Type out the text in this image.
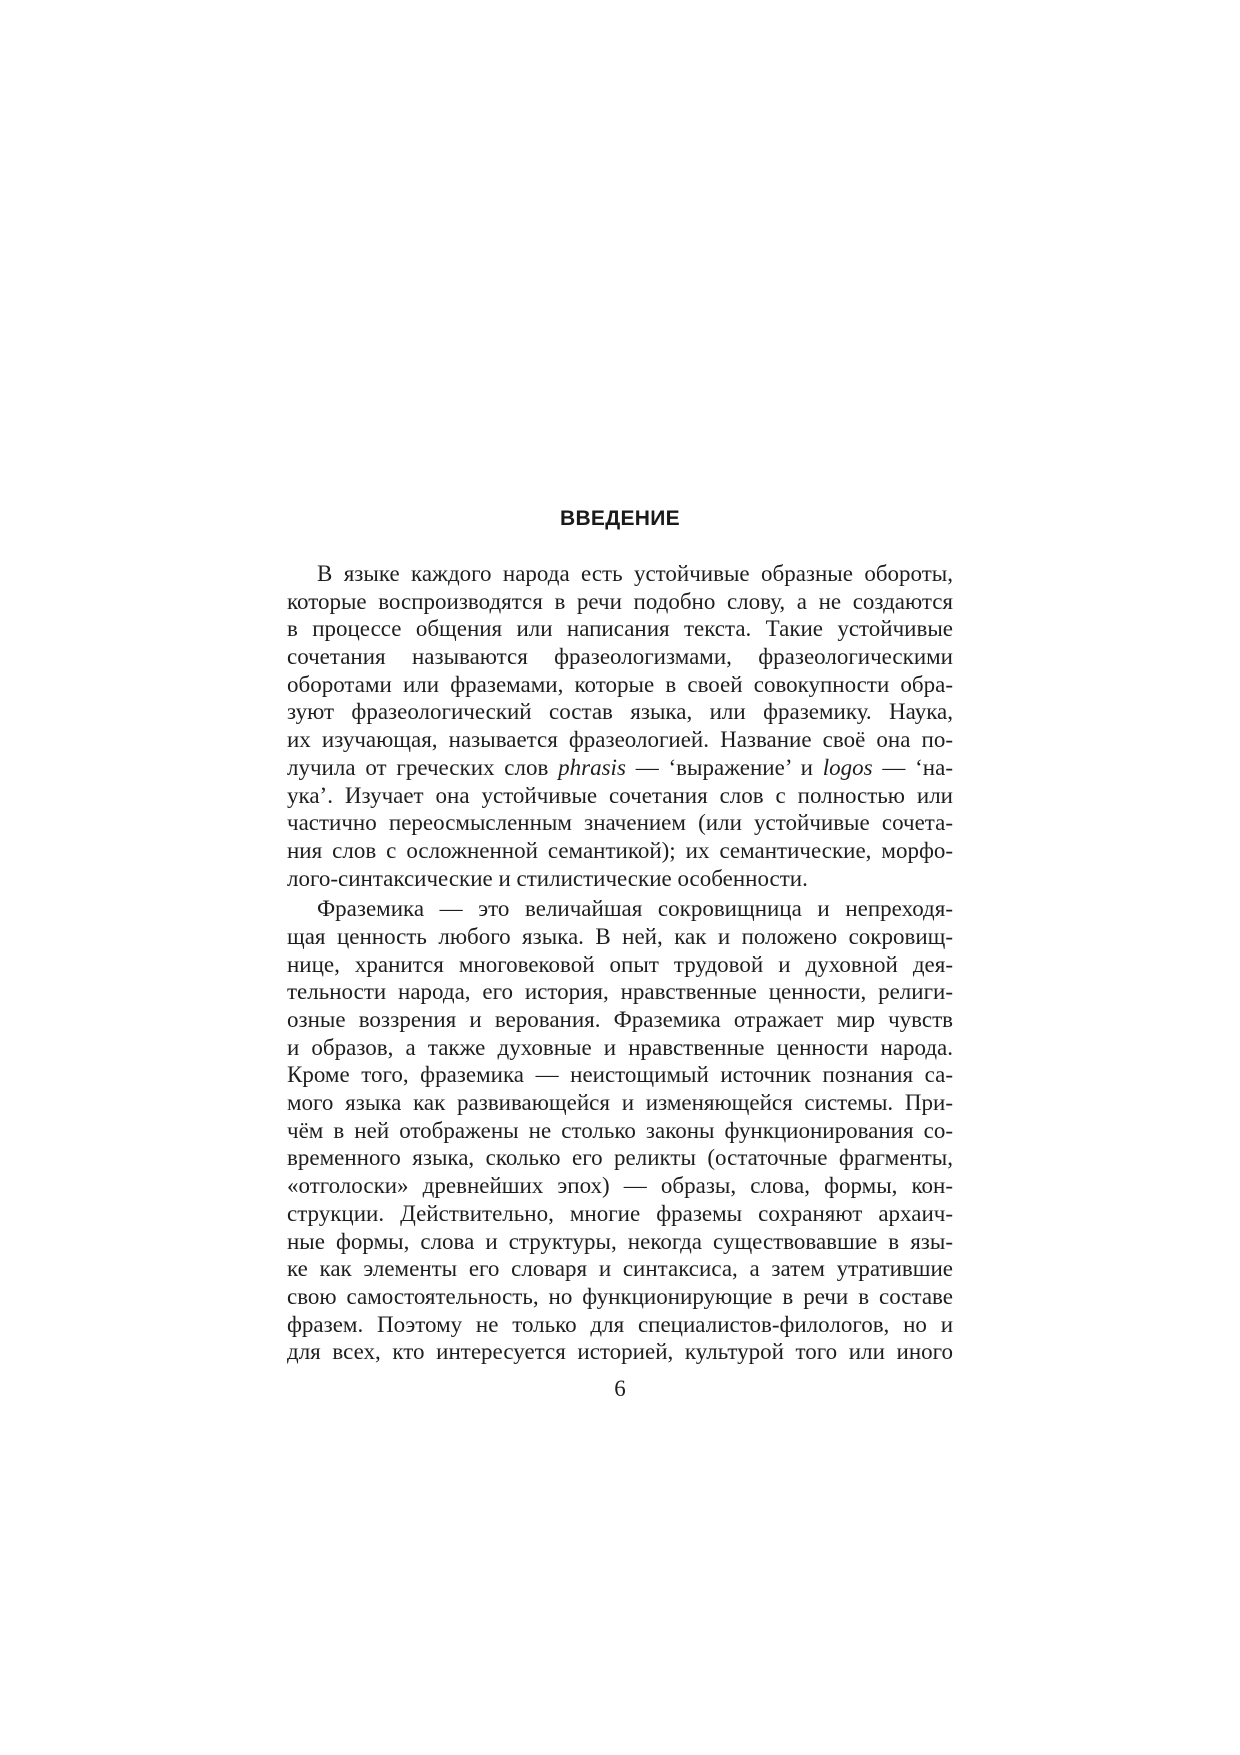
ВВЕДЕНИЕ
В языке каждого народа есть устойчивые образные обороты,
которые воспроизводятся в речи подобно слову, а не создаются
в процессе общения или написания текста. Такие устойчивые
сочетания называются фразеологизмами, фразеологическими
оборотами или фраземами, которые в своей совокупности обра-
зуют фразеологический состав языка, или фраземику. Наука,
их изучающая, называется фразеологией. Название своё она по-
лучила от греческих слов phrasis — ‘выражение’ и logos — ‘на-
ука’. Изучает она устойчивые сочетания слов с полностью или
частично переосмысленным значением (или устойчивые сочета-
ния слов с осложненной семантикой); их семантические, морфо-
лого-синтаксические и стилистические особенности.
Фраземика — это величайшая сокровищница и непреходя-
щая ценность любого языка. В ней, как и положено сокровищ-
нице, хранится многовековой опыт трудовой и духовной дея-
тельности народа, его история, нравственные ценности, религи-
озные воззрения и верования. Фраземика отражает мир чувств
и образов, а также духовные и нравственные ценности народа.
Кроме того, фраземика — неистощимый источник познания са-
мого языка как развивающейся и изменяющейся системы. При-
чём в ней отображены не столько законы функционирования со-
временного языка, сколько его реликты (остаточные фрагменты,
«отголоски» древнейших эпох) — образы, слова, формы, кон-
струкции. Действительно, многие фраземы сохраняют архаич-
ные формы, слова и структуры, некогда существовавшие в язы-
ке как элементы его словаря и синтаксиса, а затем утратившие
свою самостоятельность, но функционирующие в речи в составе
фразем. Поэтому не только для специалистов-филологов, но и
для всех, кто интересуется историей, культурой того или иного
6
